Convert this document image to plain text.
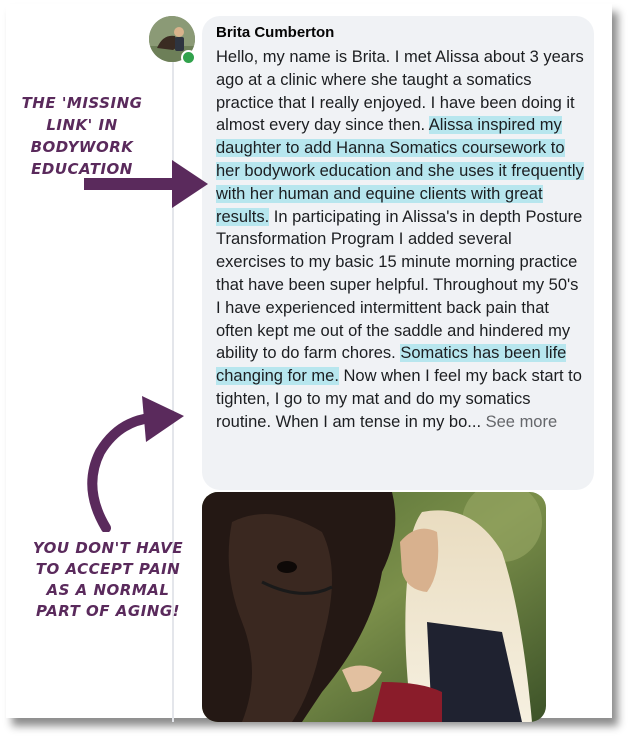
Brita Cumberton
Hello, my name is Brita. I met Alissa about 3 years ago at a clinic where she taught a somatics practice that I really enjoyed. I have been doing it almost every day since then. Alissa inspired my daughter to add Hanna Somatics coursework to her bodywork education and she uses it frequently with her human and equine clients with great results. In participating in Alissa's in depth Posture Transformation Program I added several exercises to my basic 15 minute morning practice that have been super helpful. Throughout my 50's I have experienced intermittent back pain that often kept me out of the saddle and hindered my ability to do farm chores. Somatics has been life changing for me. Now when I feel my back start to tighten, I go to my mat and do my somatics routine. When I am tense in my bo... See more
THE 'MISSING LINK' IN BODYWORK EDUCATION
YOU DON'T HAVE TO ACCEPT PAIN AS A NORMAL PART OF AGING!
